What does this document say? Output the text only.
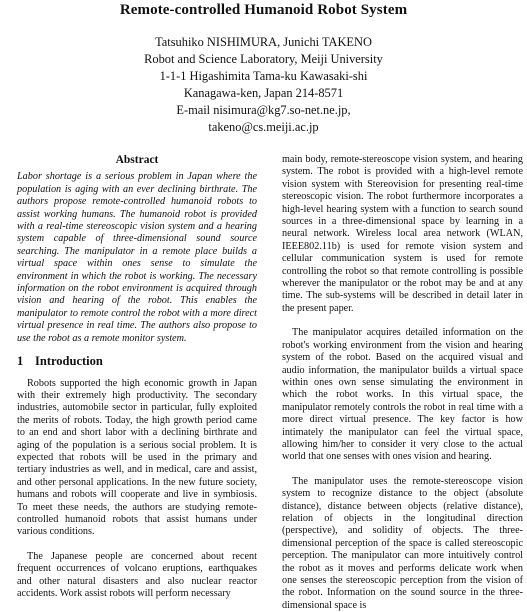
Remote-controlled Humanoid Robot System
Tatsuhiko NISHIMURA, Junichi TAKENO
Robot and Science Laboratory, Meiji University
1-1-1 Higashimita Tama-ku Kawasaki-shi
Kanagawa-ken, Japan 214-8571
E-mail nisimura@kg7.so-net.ne.jp,
takeno@cs.meiji.ac.jp
Abstract

Labor shortage is a serious problem in Japan where the population is aging with an ever declining birthrate. The authors propose remote-controlled humanoid robots to assist working humans. The humanoid robot is provided with a real-time stereoscopic vision system and a hearing system capable of three-dimensional sound source searching. The manipulator in a remote place builds a virtual space within ones sense to simulate the environment in which the robot is working. The necessary information on the robot environment is acquired through vision and hearing of the robot. This enables the manipulator to remote control the robot with a more direct virtual presence in real time. The authors also propose to use the robot as a remote monitor system.

1 Introduction

Robots supported the high economic growth in Japan with their extremely high productivity. The secondary industries, automobile sector in particular, fully exploited the merits of robots. Today, the high growth period came to an end and short labor with a declining birthrate and aging of the population is a serious social problem. It is expected that robots will be used in the primary and tertiary industries as well, and in medical, care and assist, and other personal applications. In the new future society, humans and robots will cooperate and live in symbiosis. To meet these needs, the authors are studying remote-controlled humanoid robots that assist humans under various conditions.

The Japanese people are concerned about recent frequent occurrences of volcano eruptions, earthquakes and other natural disasters and also nuclear reactor accidents. Work assist robots will perform necessary

main body, remote-stereoscope vision system, and hearing system. The robot is provided with a high-level remote vision system with Stereovision for presenting real-time stereoscopic vision. The robot furthermore incorporates a high-level hearing system with a function to search sound sources in a three-dimensional space by learning in a neural network. Wireless local area network (WLAN, IEEE802.11b) is used for remote vision system and cellular communication system is used for remote controlling the robot so that remote controlling is possible wherever the manipulator or the robot may be and at any time. The sub-systems will be described in detail later in the present paper.

The manipulator acquires detailed information on the robot's working environment from the vision and hearing system of the robot. Based on the acquired visual and audio information, the manipulator builds a virtual space within ones own sense simulating the environment in which the robot works. In this virtual space, the manipulator remotely controls the robot in real time with a more direct virtual presence. The key factor is how intimately the manipulator can feel the virtual space, allowing him/her to consider it very close to the actual world that one senses with ones vision and hearing.

The manipulator uses the remote-stereoscope vision system to recognize distance to the object (absolute distance), distance between objects (relative distance), relation of objects in the longitudinal direction (perspective), and solidity of objects. The three-dimensional perception of the space is called stereoscopic perception. The manipulator can more intuitively control the robot as it moves and performs delicate work when one senses the stereoscopic perception from the vision of the robot. Information on the sound source in the three-dimensional space is
